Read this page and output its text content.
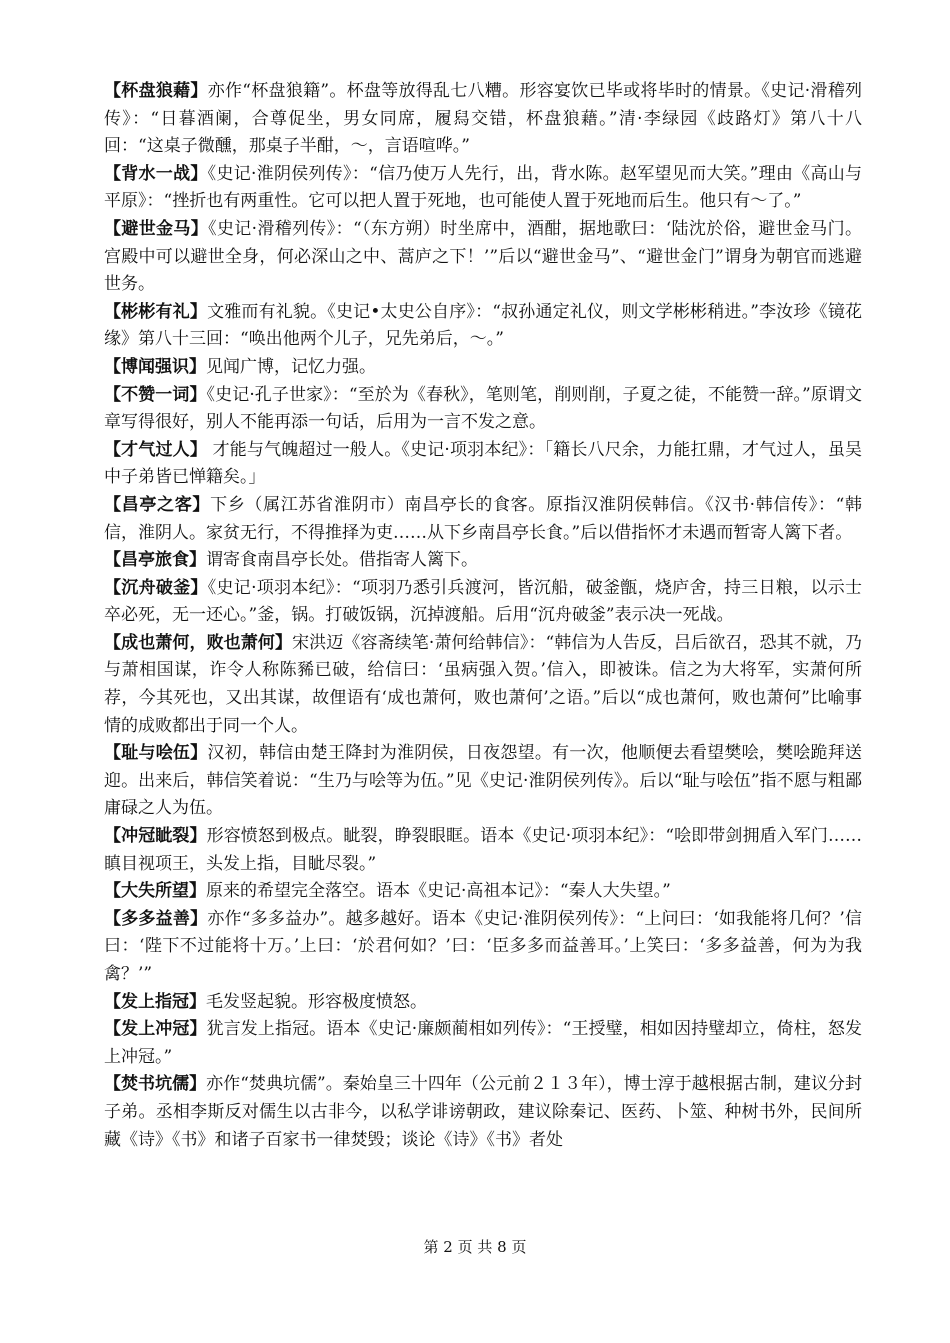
【杯盘狼藉】亦作“杯盘狼籍”。杯盘等放得乱七八糟。形容宴饮已毕或将毕时的情景。《史记·滑稽列传》：“日暮酒阑，合尊促坐，男女同席，履舄交错，杯盘狼藉。”清·李绿园《歧路灯》第八十八回：“这桌子微醺，那桌子半酣，～，言语喧哗。”

【背水一战】《史记·淮阴侯列传》：“信乃使万人先行，出，背水陈。赵军望见而大笑。”理由《高山与平原》：“挫折也有两重性。它可以把人置于死地，也可能使人置于死地而后生。他只有～了。”

【避世金马】《史记·滑稽列传》：“（东方朔）时坐席中，酒酣，据地歌曰：‘陆沈於俗，避世金马门。宫殿中可以避世全身，何必深山之中、蒿庐之下！’”后以“避世金马”、“避世金门”谓身为朝官而逃避世务。

【彬彬有礼】文雅而有礼貌。《史记•太史公自序》：“叔孙通定礼仪，则文学彬彬稍进。”李汝珍《镜花缘》第八十三回：“唤出他两个儿子，兄先弟后，～。”

【博闻强识】见闻广博，记忆力强。

【不赞一词】《史记·孔子世家》：“至於为《春秋》，笔则笔，削则削，子夏之徒，不能赞一辞。”原谓文章写得很好，别人不能再添一句话，后用为一言不发之意。

【才气过人】 才能与气魄超过一般人。《史记·项羽本纪》：「籍长八尺余，力能扛鼎，才气过人，虽吴中子弟皆已惮籍矣。」

【昌亭之客】下乡（属江苏省淮阴市）南昌亭长的食客。原指汉淮阴侯韩信。《汉书·韩信传》：“韩信，淮阴人。家贫无行，不得推择为吏……从下乡南昌亭长食。”后以借指怀才未遇而暂寄人篱下者。

【昌亭旅食】谓寄食南昌亭长处。借指寄人篱下。

【沉舟破釜】《史记·项羽本纪》：“项羽乃悉引兵渡河，皆沉船，破釜甑，烧庐舍，持三日粮，以示士卒必死，无一还心。”釜，锅。打破饭锅，沉掉渡船。后用“沉舟破釜”表示决一死战。

【成也萧何，败也萧何】宋洪迈《容斋续笔·萧何给韩信》：“韩信为人告反，吕后欲召，恐其不就，乃与萧相国谋，诈令人称陈豨已破，给信曰：‘虽病强入贺。’信入，即被诛。信之为大将军，实萧何所荐，今其死也，又出其谋，故俚语有‘成也萧何，败也萧何’之语。”后以“成也萧何，败也萧何”比喻事情的成败都出于同一个人。

【耻与哙伍】汉初，韩信由楚王降封为淮阴侯，日夜怨望。有一次，他顺便去看望樊哙，樊哙跪拜送迎。出来后，韩信笑着说：“生乃与哙等为伍。”见《史记·淮阴侯列传》。后以“耻与哙伍”指不愿与粗鄙庸碌之人为伍。

【冲冠眦裂】形容愤怒到极点。眦裂，睁裂眼眶。语本《史记·项羽本纪》：“哙即带剑拥盾入军门……瞋目视项王，头发上指，目眦尽裂。”

【大失所望】原来的希望完全落空。语本《史记·高祖本记》：“秦人大失望。”

【多多益善】亦作“多多益办”。越多越好。语本《史记·淮阴侯列传》：“上问曰：‘如我能将几何？’信曰：‘陛下不过能将十万。’上曰：‘於君何如？’曰：‘臣多多而益善耳。’上笑曰：‘多多益善，何为为我禽？’”

【发上指冠】毛发竖起貌。形容极度愤怒。

【发上冲冠】犹言发上指冠。语本《史记·廉颇蔺相如列传》：“王授璧，相如因持璧却立，倚柱，怒发上冲冠。”

【焚书坑儒】亦作“焚典坑儒”。秦始皇三十四年（公元前２１３年），博士淳于越根据古制，建议分封子弟。丞相李斯反对儒生以古非今，以私学诽谤朝政，建议除秦记、医药、卜筮、种树书外，民间所藏《诗》《书》和诸子百家书一律焚毁；谈论《诗》《书》者处

第 2 页 共 8 页
